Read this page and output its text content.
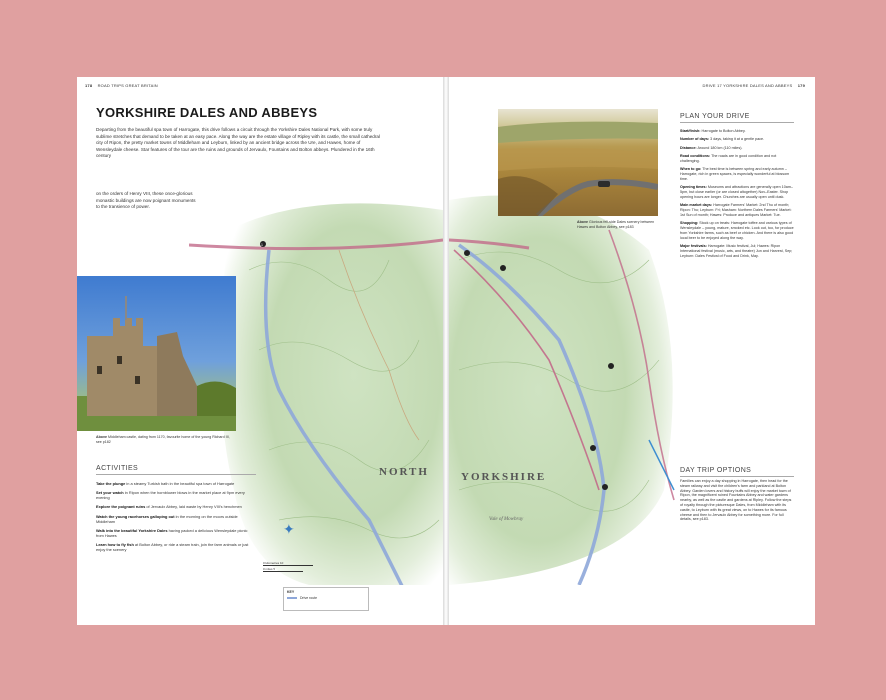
178 ROAD TRIPS GREAT BRITAIN	DRIVE 17 YORKSHIRE DALES AND ABBEYS 179
1
NORTH	YORKSHIRE
Vale of Mowbray
YORKSHIRE DALES AND ABBEYS
Departing from the beautiful spa town of Harrogate, this drive follows a circuit through the Yorkshire Dales National Park, with some truly sublime stretches that demand to be taken at an easy pace. Along the way are the estate village of Ripley with its castle, the small cathedral city of Ripon, the pretty market towns of Middleham and Leyburn, linked by an ancient bridge across the Ure, and Hawes, home of Wensleydale cheese. Star features of the tour are the ruins and grounds of Jervaulx, Fountains and Bolton abbeys. Plundered in the 16th century
on the orders of Henry VIII, these once-glorious monastic buildings are now poignant monuments to the transience of power.
Above Middleham castle, dating from 1170, favourite home of the young Richard III, see p182
ACTIVITIES
Take the plunge in a steamy Turkish bath in the beautiful spa town of Harrogate
Set your watch in Ripon when the hornblower blows in the market place at 9pm every evening
Explore the poignant ruins of Jervaulx Abbey, laid waste by Henry VIII's henchmen
Watch the young racehorses galloping out in the morning on the moors outside Middleham
Walk into the beautiful Yorkshire Dales having packed a delicious Wensleydale picnic from Hawes
Learn how to fly fish at Bolton Abbey, or ride a steam train, join the farm animals or just enjoy the scenery
✦
0 kilometres 10
0 miles 5
KEY
Drive route
Above Glorious fell-side Dales scenery between Hawes and Bolton Abbey, see p183
PLAN YOUR DRIVE
Start/finish: Harrogate to Bolton Abbey.
Number of days: 3 days, taking it at a gentle pace.
Distance: Around 180 km (110 miles).
Road conditions: The roads are in good condition and not challenging.
When to go: The best time is between spring and early autumn – Harrogate, rich in green spaces, is especially wonderful at blossom time.
Opening times: Museums and attractions are generally open 10am–5pm, but close earlier (or are closed altogether) Nov–Easter. Shop opening hours are longer. Churches are usually open until dusk.
Main market days: Harrogate Farmers' Market: 2nd Thu of month; Ripon: Thu; Leyburn: Fri; Masham: Northern Dales Farmers' Market: 1st Sun of month; Hawes: Produce and antiques Market: Tue.
Shopping: Stock up on treats: Harrogate toffee and various types of Wensleydale – young, mature, smoked etc. Look out, too, for produce from Yorkshire farms, such as beef or chicken. And there is also good local beer to be enjoyed along the way.
Major festivals: Harrogate: Music festival, Jul; Hawes: Ripon International festival (music, arts, and theatre) Jun and Harvest, Sep; Leyburn: Dales Festival of Food and Drink, May.
DAY TRIP OPTIONS
Families can enjoy a day shopping in Harrogate, then head for the steam railway and visit the children's farm and parkland at Bolton Abbey. Garden lovers and history buffs will enjoy the market town of Ripon, the magnificent ruined Fountains Abbey and water gardens nearby, as well as the castle and gardens at Ripley. Follow the steps of royalty through the picturesque Dales, from Middleham with its castle, to Leyburn with its great views, on to Hawes for its famous cheese and then to Jervaulx Abbey for something more. For full details, see p183.
